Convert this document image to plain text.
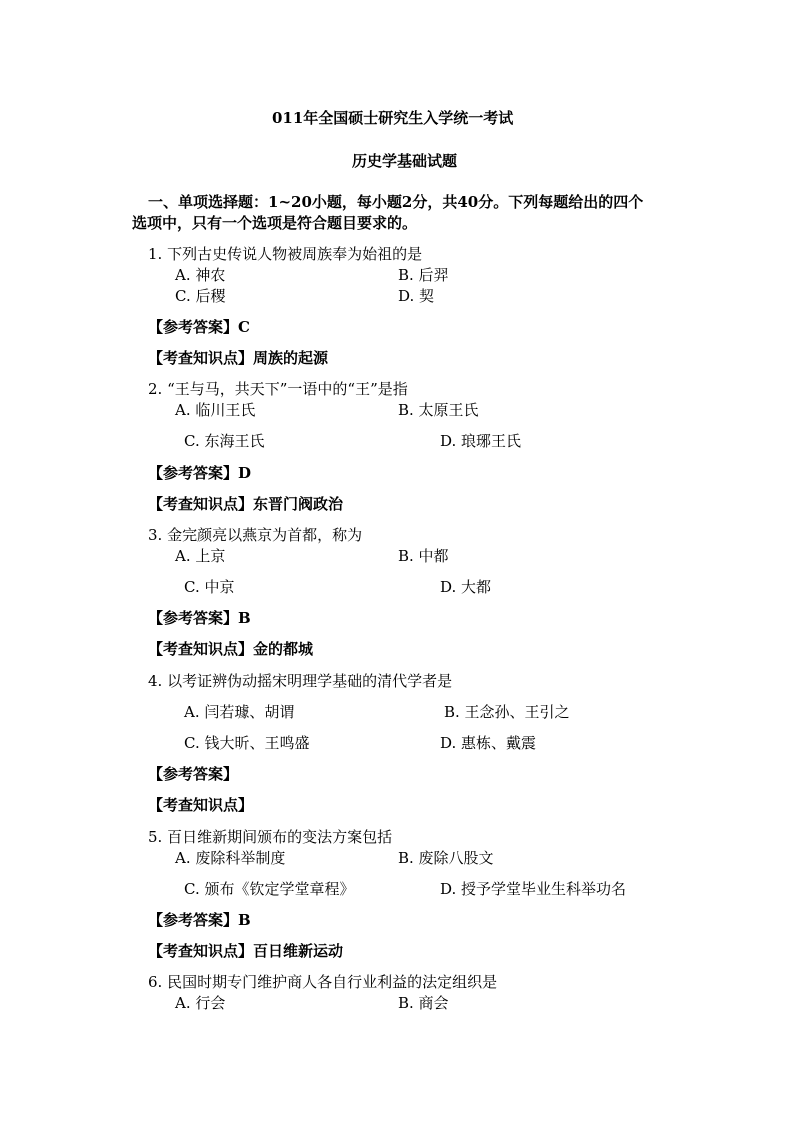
011年全国硕士研究生入学统一考试
历史学基础试题
一、单项选择题：1~20小题，每小题2分，共40分。下列每题给出的四个
选项中，只有一个选项是符合题目要求的。
1. 下列古史传说人物被周族奉为始祖的是
A. 神农	B. 后羿
C. 后稷	D. 契
【参考答案】C
【考查知识点】周族的起源
2. “王与马，共天下”一语中的“王”是指
A. 临川王氏	B. 太原王氏
C. 东海王氏	D. 琅琊王氏
【参考答案】D
【考查知识点】东晋门阀政治
3. 金完颜亮以燕京为首都，称为
A. 上京	B. 中都
C. 中京	D. 大都
【参考答案】B
【考查知识点】金的都城
4. 以考证辨伪动摇宋明理学基础的清代学者是
A. 闫若璩、胡谓	B. 王念孙、王引之
C. 钱大昕、王鸣盛	D. 惠栋、戴震
【参考答案】
【考查知识点】
5. 百日维新期间颁布的变法方案包括
A. 废除科举制度	B. 废除八股文
C. 颁布《钦定学堂章程》	D. 授予学堂毕业生科举功名
【参考答案】B
【考查知识点】百日维新运动
6. 民国时期专门维护商人各自行业利益的法定组织是
A. 行会	B. 商会
